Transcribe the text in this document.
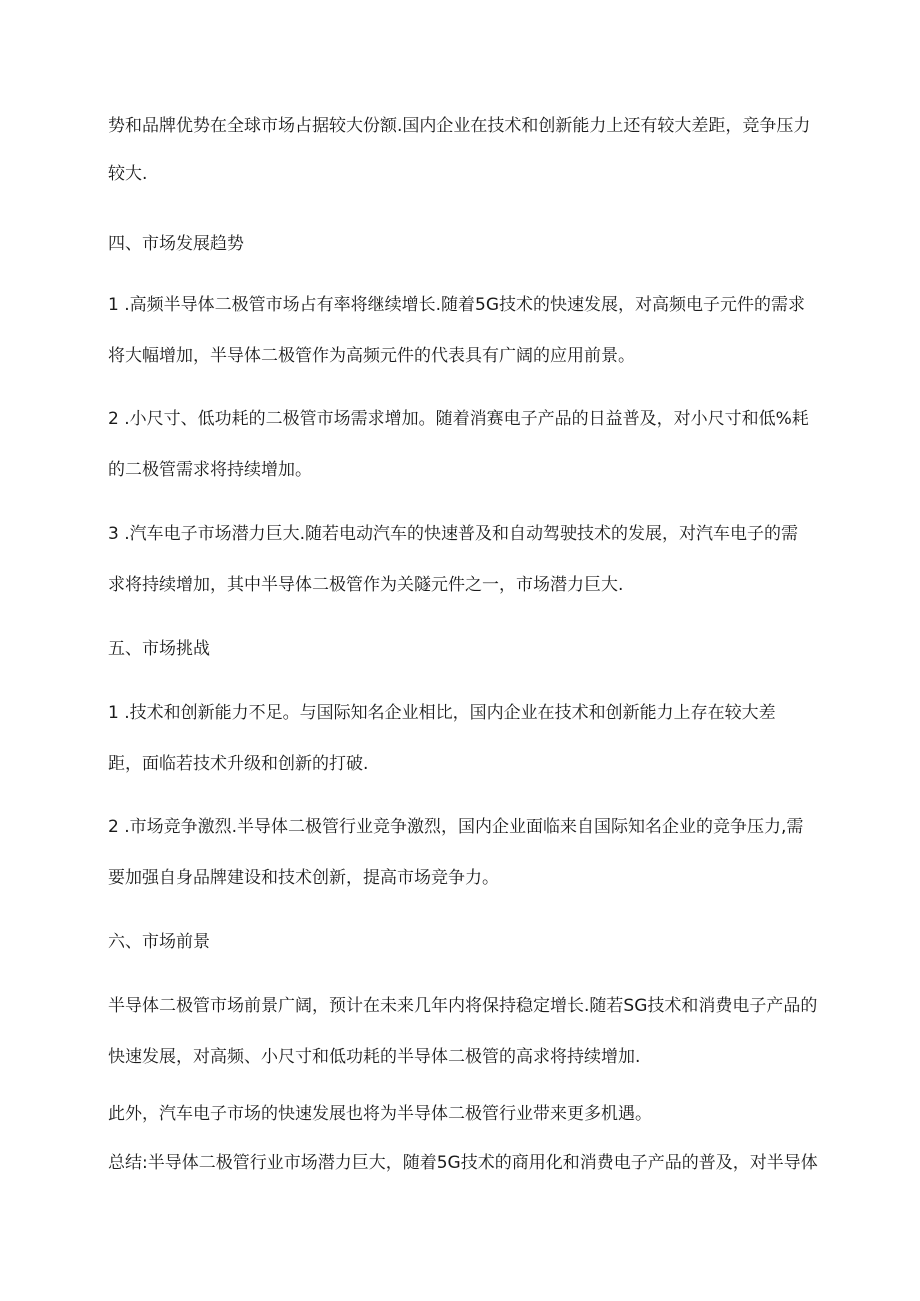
势和品牌优势在全球市场占据较大份额.国内企业在技术和创新能力上还有较大差距，竞争压力
较大.
四、市场发展趋势
1 .高频半导体二极管市场占有率将继续增长.随着5G技术的快速发展，对高频电子元件的需求
将大幅增加，半导体二极管作为高频元件的代表具有广阔的应用前景。
2 .小尺寸、低功耗的二极管市场需求增加。随着消赛电子产品的日益普及，对小尺寸和低%耗
的二极管需求将持续增加。
3 .汽车电子市场潜力巨大.随若电动汽车的快速普及和自动驾驶技术的发展，对汽车电子的需
求将持续增加，其中半导体二极管作为关隧元件之一，市场潜力巨大.
五、市场挑战
1 .技术和创新能力不足。与国际知名企业相比，国内企业在技术和创新能力上存在较大差
距，面临若技术升级和创新的打破.
2 .市场竞争激烈.半导体二极管行业竞争激烈，国内企业面临来自国际知名企业的竞争压力,需
要加强自身品牌建设和技术创新，提高市场竞争力。
六、市场前景
半导体二极管市场前景广阔，预计在未来几年内将保持稳定增长.随若SG技术和消费电子产品的
快速发展，对高频、小尺寸和低功耗的半导体二极管的高求将持续增加.
此外，汽车电子市场的快速发展也将为半导体二极管行业带来更多机遇。
总结:半导体二极管行业市场潜力巨大，随着5G技术的商用化和消费电子产品的普及，对半导体
